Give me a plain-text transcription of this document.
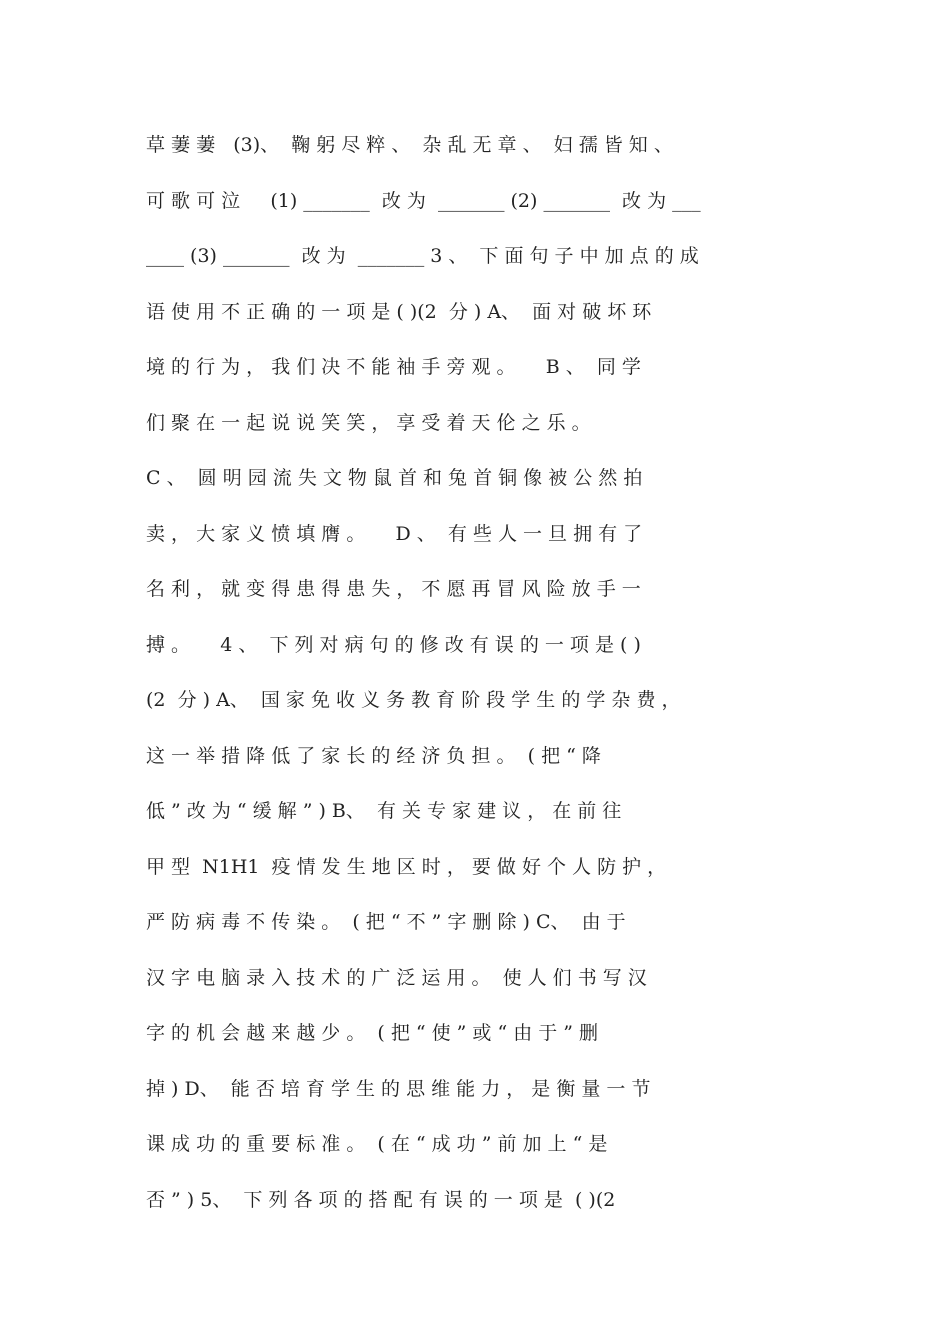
草 萋 萋   (3)、  鞠 躬 尽 粹 、  杂 乱 无 章 、  妇 孺 皆 知 、
可 歌 可 泣     (1) _______  改 为  _______ (2) _______  改 为 ___
____ (3) _______  改 为  _______ 3 、  下 面 句 子 中 加 点 的 成
语 使 用 不 正 确 的 一 项 是 ( )(2  分 ) A、  面 对 破 坏 环
境 的 行 为 ， 我 们 决 不 能 袖 手 旁 观 。     B 、  同 学
们 聚 在 一 起 说 说 笑 笑 ， 享 受 着 天 伦 之 乐 。
C 、  圆 明 园 流 失 文 物 鼠 首 和 兔 首 铜 像 被 公 然 拍
卖 ， 大 家 义 愤 填 膺 。     D 、  有 些 人 一 旦 拥 有 了
名 利 ， 就 变 得 患 得 患 失 ， 不 愿 再 冒 风 险 放 手 一
搏 。     4 、  下 列 对 病 句 的 修 改 有 误 的 一 项 是 ( )
(2  分 ) A、  国 家 免 收 义 务 教 育 阶 段 学 生 的 学 杂 费 ，
这 一 举 措 降 低 了 家 长 的 经 济 负 担 。  ( 把 “ 降
低 ” 改 为 “ 缓 解 ” ) B、  有 关 专 家 建 议 ， 在 前 往
甲 型  N1H1  疫 情 发 生 地 区 时 ， 要 做 好 个 人 防 护 ，
严 防 病 毒 不 传 染 。  ( 把 “ 不 ” 字 删 除 ) C、  由 于
汉 字 电 脑 录 入 技 术 的 广 泛 运 用 。  使 人 们 书 写 汉
字 的 机 会 越 来 越 少 。  ( 把 “ 使 ” 或 “ 由 于 ” 删
掉 ) D、  能 否 培 育 学 生 的 思 维 能 力 ， 是 衡 量 一 节
课 成 功 的 重 要 标 准 。  ( 在 “ 成 功 ” 前 加 上 “ 是
否 ” ) 5、  下 列 各 项 的 搭 配 有 误 的 一 项 是  ( )(2
